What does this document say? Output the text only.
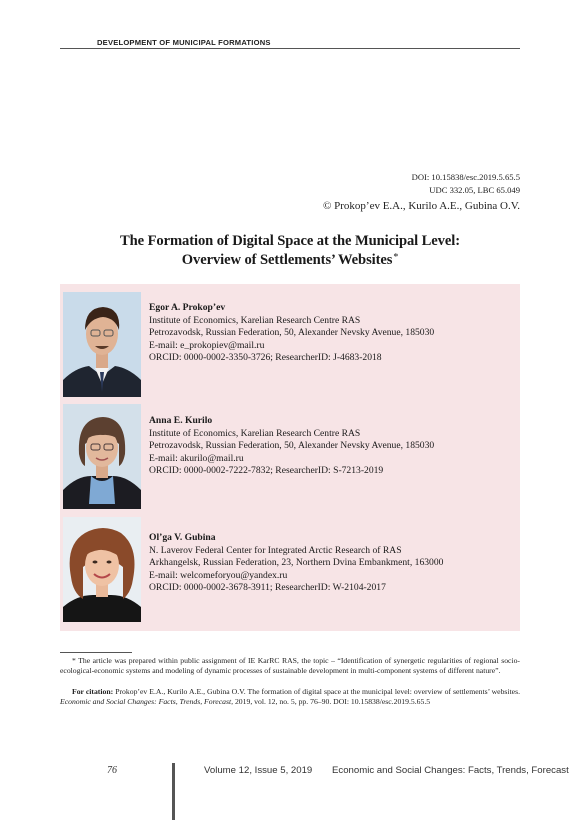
DEVELOPMENT OF MUNICIPAL FORMATIONS
DOI: 10.15838/esc.2019.5.65.5
UDC 332.05, LBC 65.049
© Prokop’ev E.A., Kurilo A.E., Gubina O.V.
The Formation of Digital Space at the Municipal Level:
Overview of Settlements’ Websites*
Egor A. Prokop’ev
Institute of Economics, Karelian Research Centre RAS
Petrozavodsk, Russian Federation, 50, Alexander Nevsky Avenue, 185030
E-mail: e_prokopiev@mail.ru
ORCID: 0000-0002-3350-3726; ResearcherID: J-4683-2018
Anna E. Kurilo
Institute of Economics, Karelian Research Centre RAS
Petrozavodsk, Russian Federation, 50, Alexander Nevsky Avenue, 185030
E-mail: akurilo@mail.ru
ORCID: 0000-0002-7222-7832; ResearcherID: S-7213-2019
Ol’ga V. Gubina
N. Laverov Federal Center for Integrated Arctic Research of RAS
Arkhangelsk, Russian Federation, 23, Northern Dvina Embankment, 163000
E-mail: welcomeforyou@yandex.ru
ORCID: 0000-0002-3678-3911; ResearcherID: W-2104-2017
* The article was prepared within public assignment of IE KarRC RAS, the topic – “Identification of synergetic regularities of regional socio-ecological-economic systems and modeling of dynamic processes of sustainable development in multi-component systems of different nature”.
For citation: Prokop’ev E.A., Kurilo A.E., Gubina O.V. The formation of digital space at the municipal level: overview of settlements’ websites. Economic and Social Changes: Facts, Trends, Forecast, 2019, vol. 12, no. 5, pp. 76–90. DOI: 10.15838/esc.2019.5.65.5
76	Volume 12, Issue 5, 2019 Economic and Social Changes: Facts, Trends, Forecast
